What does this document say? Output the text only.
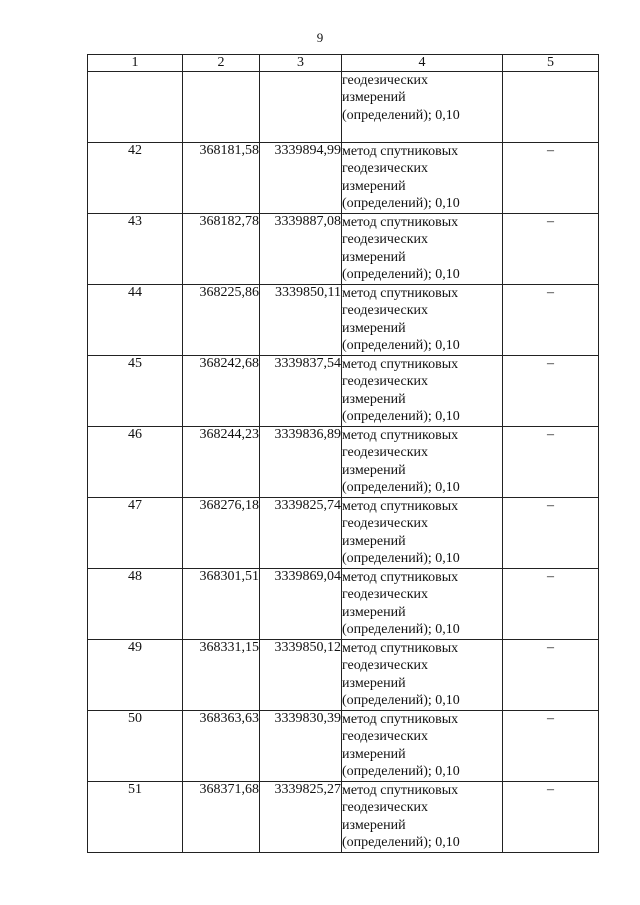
9
1	2	3	4	5

			геодезических
измерений
(определений); 0,10	

42	368181,58	3339894,99	метод спутниковых
геодезических
измерений
(определений); 0,10	–
43	368182,78	3339887,08	метод спутниковых
геодезических
измерений
(определений); 0,10	–
44	368225,86	3339850,11	метод спутниковых
геодезических
измерений
(определений); 0,10	–
45	368242,68	3339837,54	метод спутниковых
геодезических
измерений
(определений); 0,10	–
46	368244,23	3339836,89	метод спутниковых
геодезических
измерений
(определений); 0,10	–
47	368276,18	3339825,74	метод спутниковых
геодезических
измерений
(определений); 0,10	–
48	368301,51	3339869,04	метод спутниковых
геодезических
измерений
(определений); 0,10	–
49	368331,15	3339850,12	метод спутниковых
геодезических
измерений
(определений); 0,10	–
50	368363,63	3339830,39	метод спутниковых
геодезических
измерений
(определений); 0,10	–
51	368371,68	3339825,27	метод спутниковых
геодезических
измерений
(определений); 0,10	–
